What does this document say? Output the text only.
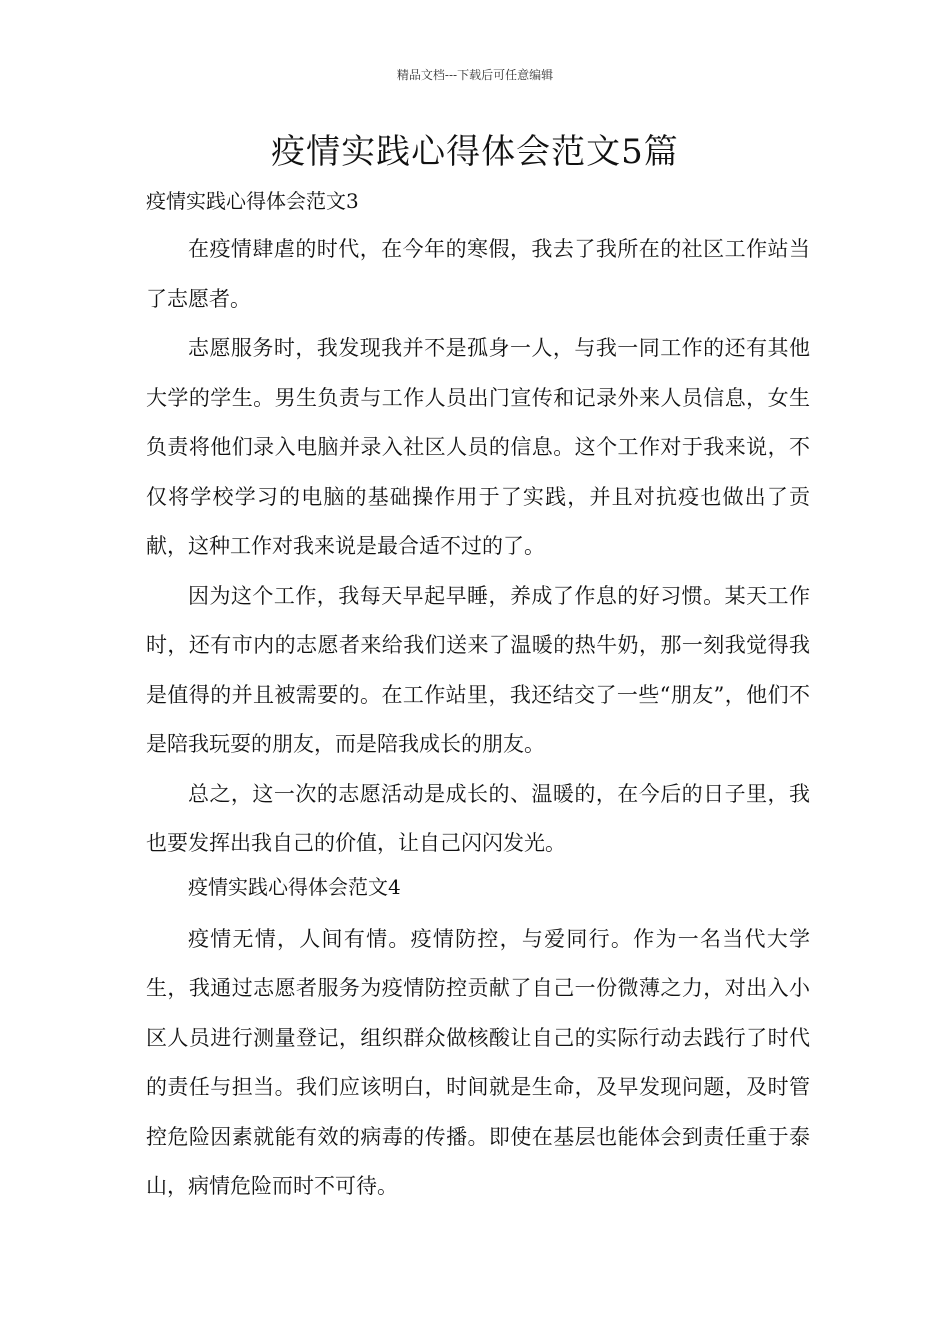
精品文档---下载后可任意编辑
疫情实践心得体会范文5篇

疫情实践心得体会范文3

在疫情肆虐的时代，在今年的寒假，我去了我所在的社区工作站当了志愿者。

志愿服务时，我发现我并不是孤身一人，与我一同工作的还有其他大学的学生。男生负责与工作人员出门宣传和记录外来人员信息，女生负责将他们录入电脑并录入社区人员的信息。这个工作对于我来说，不仅将学校学习的电脑的基础操作用于了实践，并且对抗疫也做出了贡献，这种工作对我来说是最合适不过的了。

因为这个工作，我每天早起早睡，养成了作息的好习惯。某天工作时，还有市内的志愿者来给我们送来了温暖的热牛奶，那一刻我觉得我是值得的并且被需要的。在工作站里，我还结交了一些“朋友”，他们不是陪我玩耍的朋友，而是陪我成长的朋友。

总之，这一次的志愿活动是成长的、温暖的，在今后的日子里，我也要发挥出我自己的价值，让自己闪闪发光。

疫情实践心得体会范文4

疫情无情，人间有情。疫情防控，与爱同行。作为一名当代大学生，我通过志愿者服务为疫情防控贡献了自己一份微薄之力，对出入小区人员进行测量登记，组织群众做核酸让自己的实际行动去践行了时代的责任与担当。我们应该明白，时间就是生命，及早发现问题，及时管控危险因素就能有效的病毒的传播。即使在基层也能体会到责任重于泰山，病情危险而时不可待。
